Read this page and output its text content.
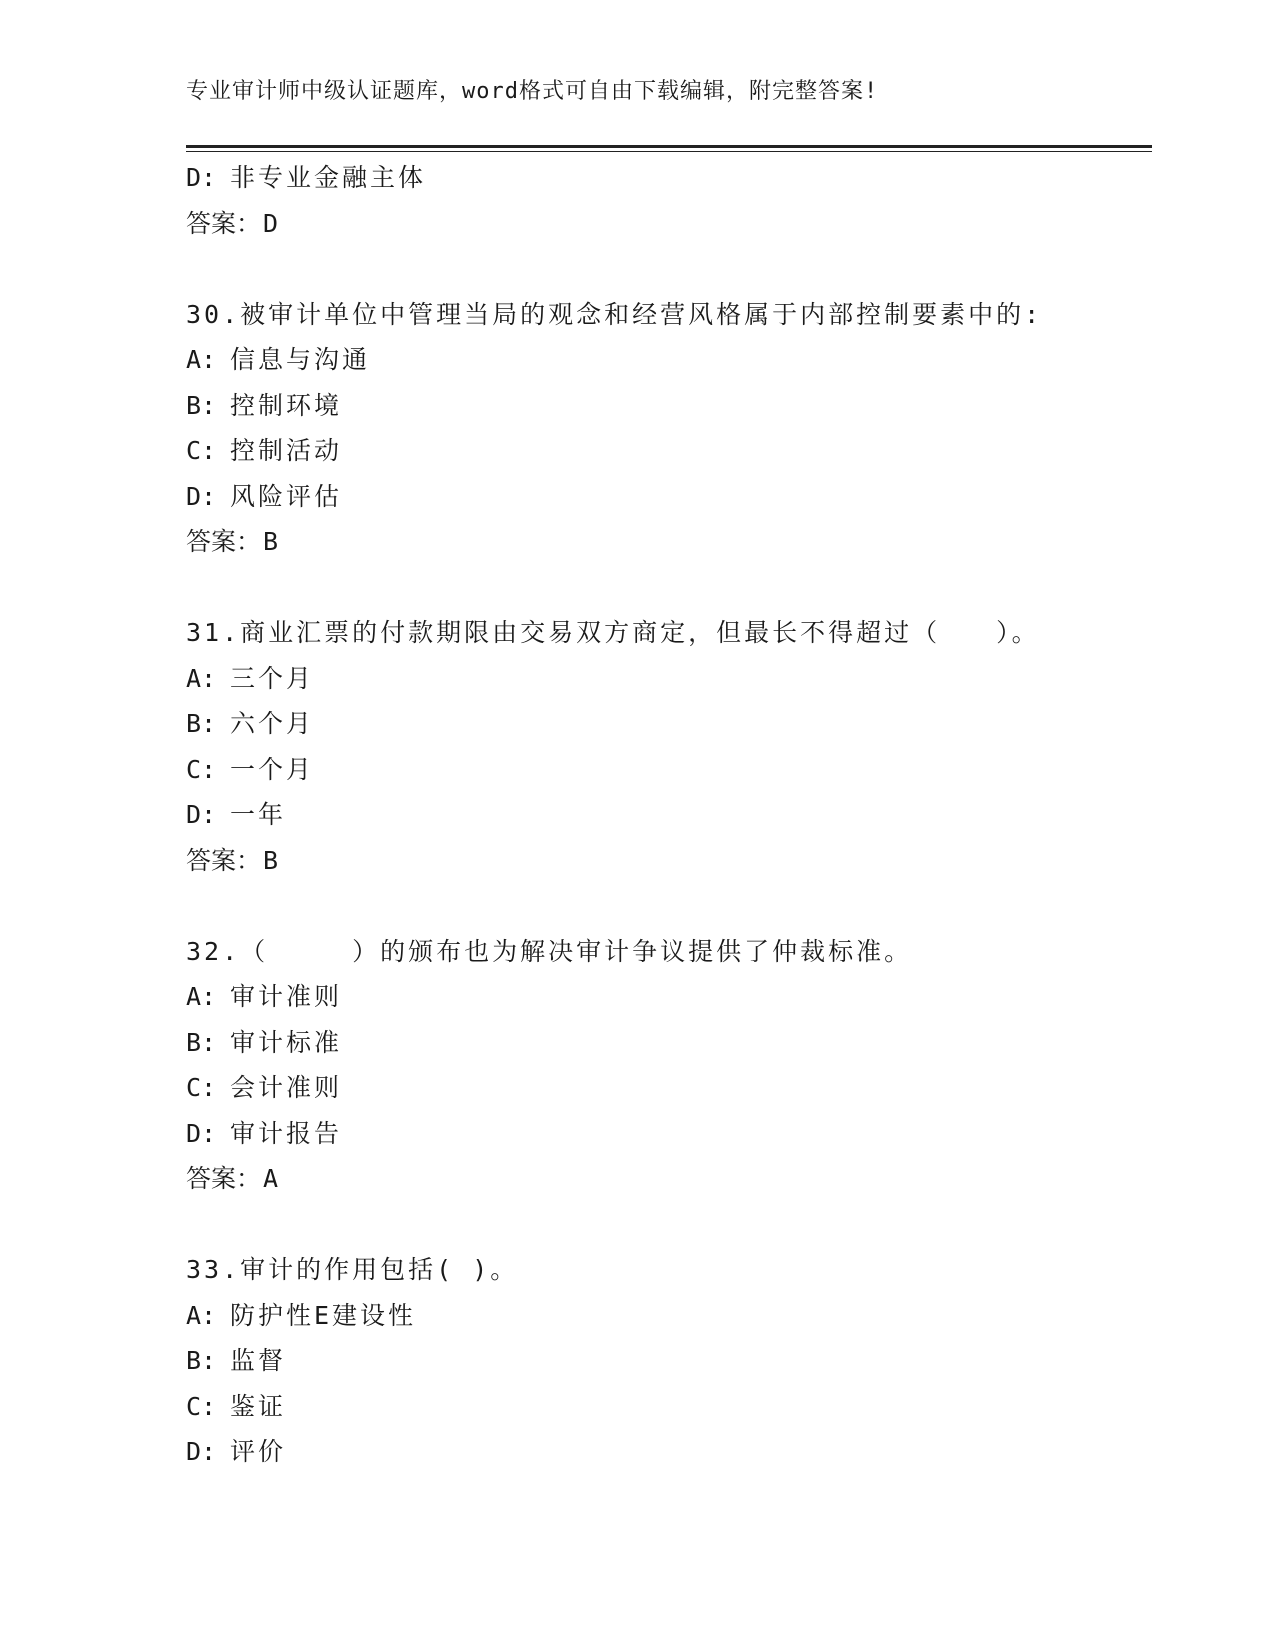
专业审计师中级认证题库，word格式可自由下载编辑，附完整答案!
D: 非专业金融主体
答案：D
30.被审计单位中管理当局的观念和经营风格属于内部控制要素中的:
A: 信息与沟通
B: 控制环境
C: 控制活动
D: 风险评估
答案：B
31.商业汇票的付款期限由交易双方商定，但最长不得超过（　　）。
A: 三个月
B: 六个月
C: 一个月
D: 一年
答案：B
32.（　　　）的颁布也为解决审计争议提供了仲裁标准。
A: 审计准则
B: 审计标准
C: 会计准则
D: 审计报告
答案：A
33.审计的作用包括( )。
A: 防护性E建设性
B: 监督
C: 鉴证
D: 评价
